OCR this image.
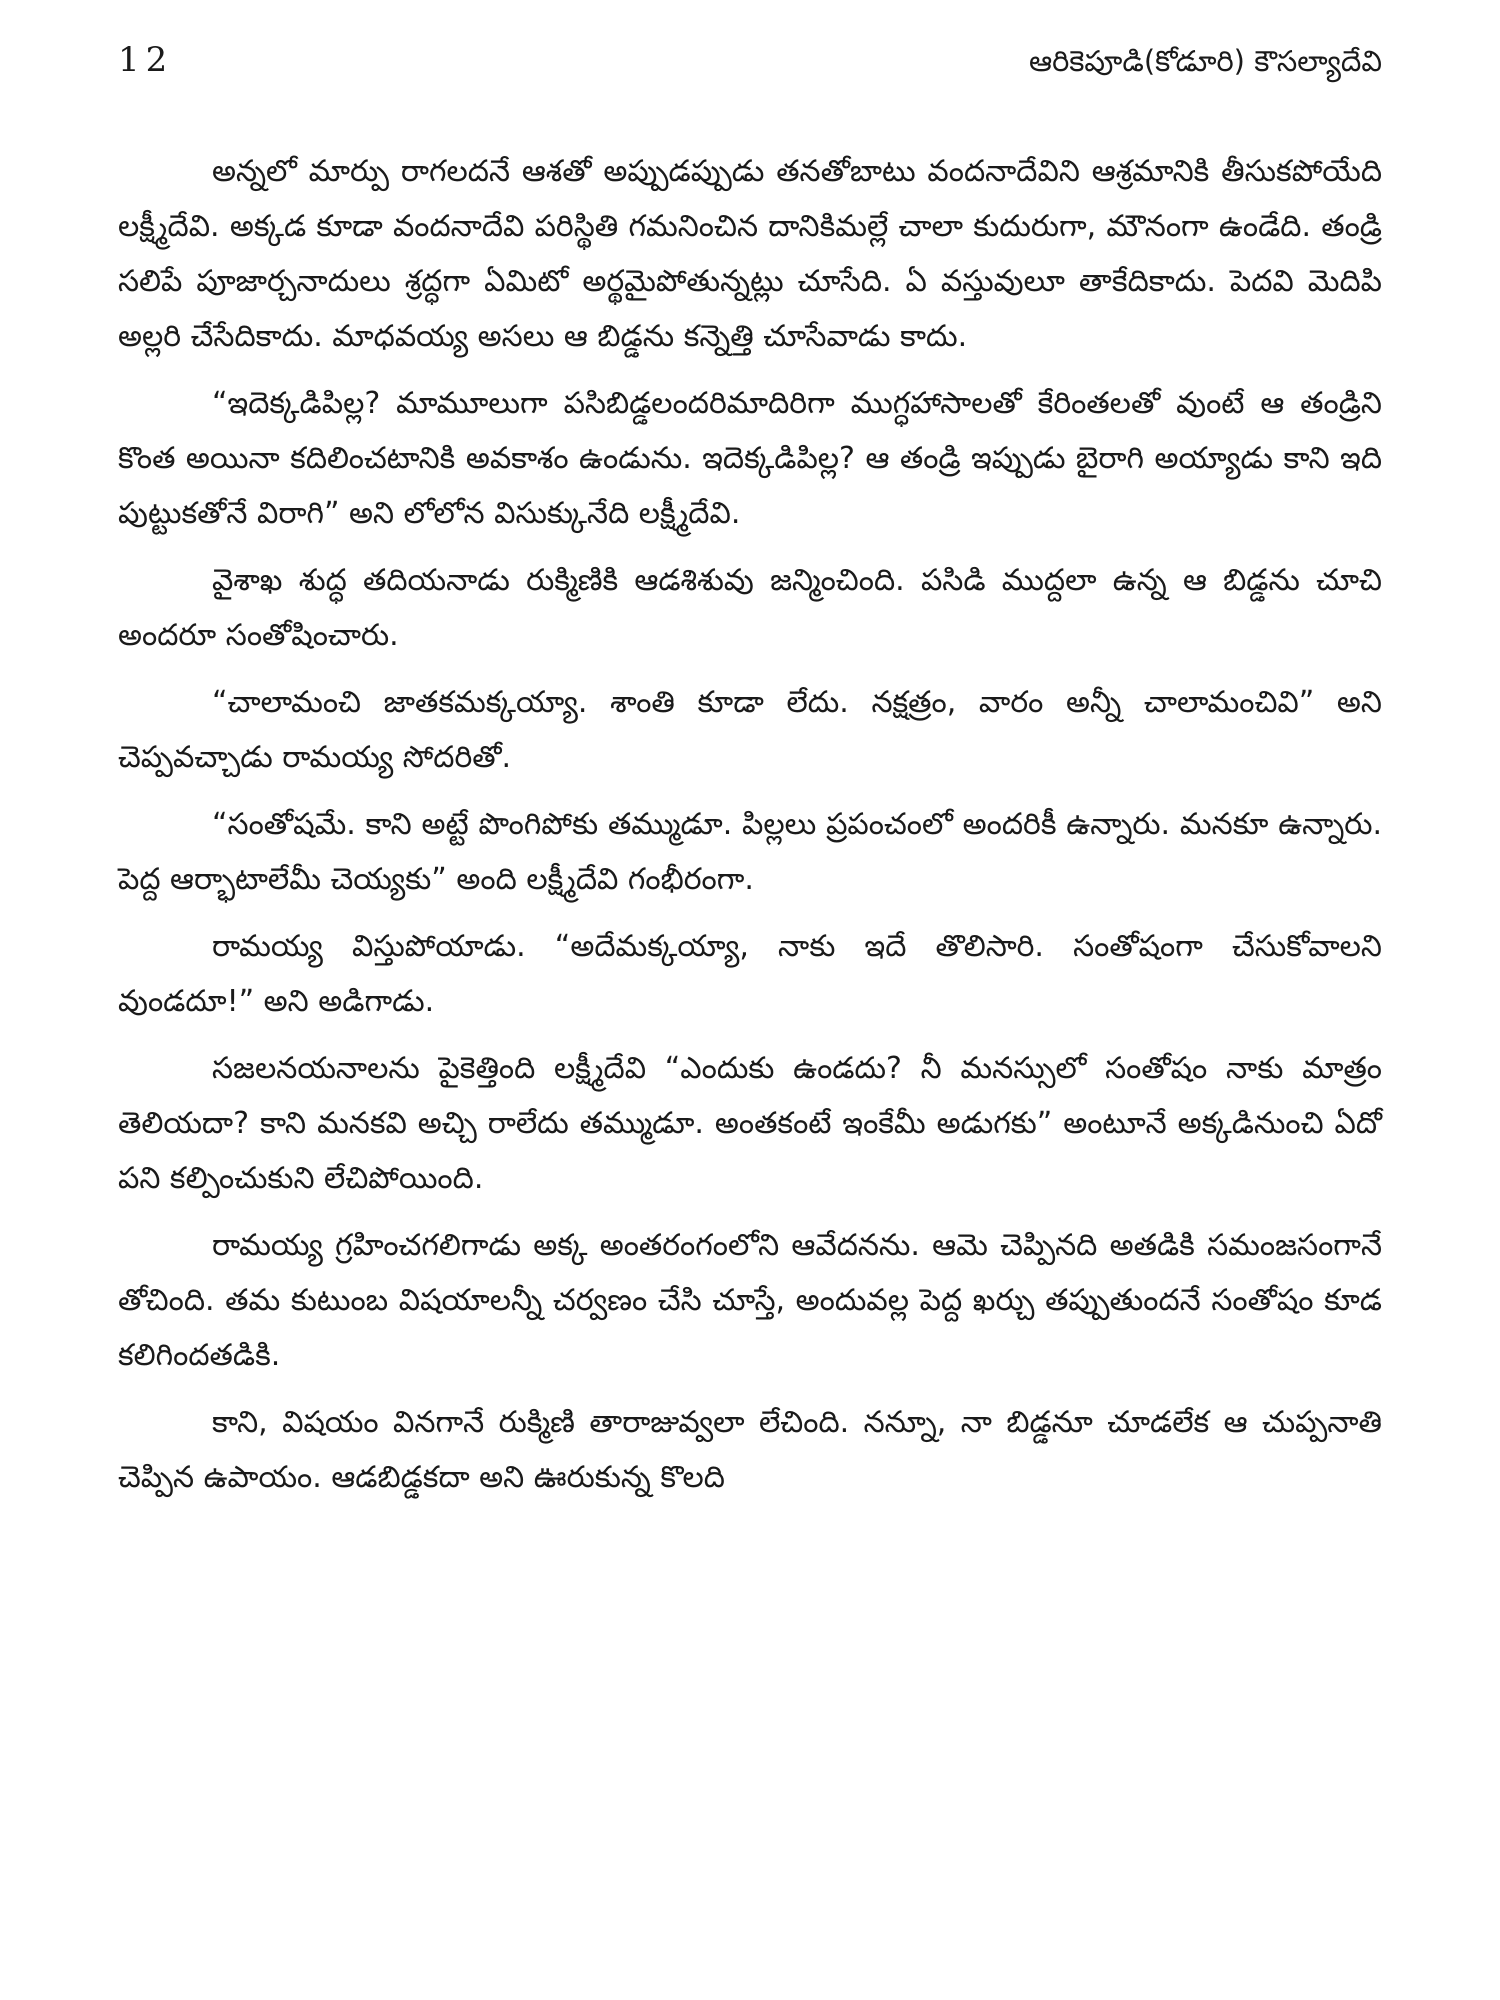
12	ఆరికెపూడి(కోడూరి) కౌసల్యాదేవి

అన్నలో మార్పు రాగలదనే ఆశతో అప్పుడప్పుడు తనతోబాటు వందనాదేవిని ఆశ్రమానికి తీసుకపోయేది లక్ష్మీదేవి. అక్కడ కూడా వందనాదేవి పరిస్థితి గమనించిన దానికిమల్లే చాలా కుదురుగా, మౌనంగా ఉండేది. తండ్రి సలిపే పూజార్చనాదులు శ్రద్ధగా ఏమిటో అర్థమైపోతున్నట్లు చూసేది. ఏ వస్తువులూ తాకేదికాదు. పెదవి మెదిపి అల్లరి చేసేదికాదు. మాధవయ్య అసలు ఆ బిడ్డను కన్నెత్తి చూసేవాడు కాదు.

“ఇదెక్కడిపిల్ల? మామూలుగా పసిబిడ్డలందరిమాదిరిగా ముగ్ధహాసాలతో కేరింతలతో వుంటే ఆ తండ్రిని కొంత అయినా కదిలించటానికి అవకాశం ఉండును. ఇదెక్కడిపిల్ల? ఆ తండ్రి ఇప్పుడు బైరాగి అయ్యాడు కాని ఇది పుట్టుకతోనే విరాగి” అని లోలోన విసుక్కునేది లక్ష్మీదేవి.

వైశాఖ శుద్ధ తదియనాడు రుక్మిణికి ఆడశిశువు జన్మించింది. పసిడి ముద్దలా ఉన్న ఆ బిడ్డను చూచి అందరూ సంతోషించారు.

“చాలామంచి జాతకమక్కయ్యా. శాంతి కూడా లేదు. నక్షత్రం, వారం అన్నీ చాలామంచివి” అని చెప్పవచ్చాడు రామయ్య సోదరితో.

“సంతోషమే. కాని అట్టే పొంగిపోకు తమ్ముడూ. పిల్లలు ప్రపంచంలో అందరికీ ఉన్నారు. మనకూ ఉన్నారు. పెద్ద ఆర్భాటాలేమీ చెయ్యకు” అంది లక్ష్మీదేవి గంభీరంగా.

రామయ్య విస్తుపోయాడు. “అదేమక్కయ్యా, నాకు ఇదే తొలిసారి. సంతోషంగా చేసుకోవాలని వుండదూ!” అని అడిగాడు.

సజలనయనాలను పైకెత్తింది లక్ష్మీదేవి “ఎందుకు ఉండదు? నీ మనస్సులో సంతోషం నాకు మాత్రం తెలియదా? కాని మనకవి అచ్చి రాలేదు తమ్ముడూ. అంతకంటే ఇంకేమీ అడుగకు” అంటూనే అక్కడినుంచి ఏదో పని కల్పించుకుని లేచిపోయింది.

రామయ్య గ్రహించగలిగాడు అక్క అంతరంగంలోని ఆవేదనను. ఆమె చెప్పినది అతడికి సమంజసంగానే తోచింది. తమ కుటుంబ విషయాలన్నీ చర్వణం చేసి చూస్తే, అందువల్ల పెద్ద ఖర్చు తప్పుతుందనే సంతోషం కూడ కలిగిందతడికి.

కాని, విషయం వినగానే రుక్మిణి తారాజువ్వలా లేచింది. నన్నూ, నా బిడ్డనూ చూడలేక ఆ చుప్పనాతి చెప్పిన ఉపాయం. ఆడబిడ్డకదా అని ఊరుకున్న కొలది
